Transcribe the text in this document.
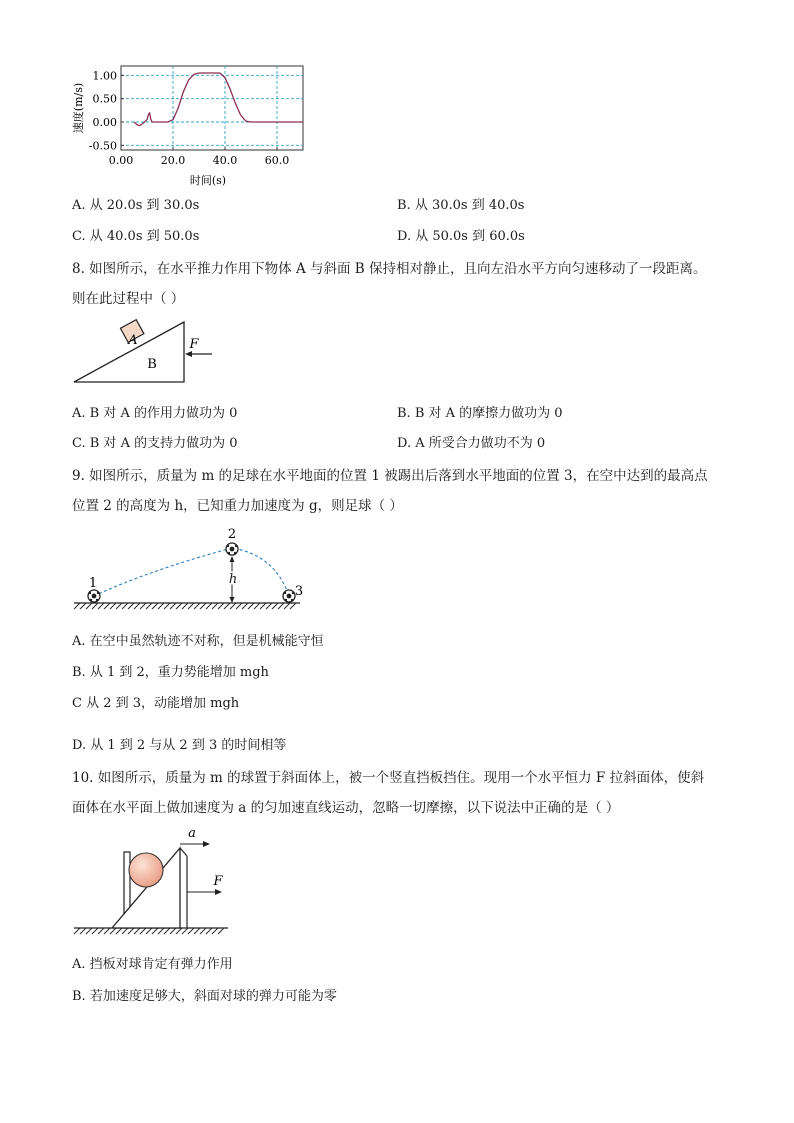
0.00	20.0	40.0	60.0
1.00
0.50
0.00
-0.50
速度(m/s)
时间(s)
A. 从 20.0s 到 30.0s	B. 从 30.0s 到 40.0s
C. 从 40.0s 到 50.0s	D. 从 50.0s 到 60.0s
8. 如图所示，在水平推力作用下物体 A 与斜面 B 保持相对静止，且向左沿水平方向匀速移动了一段距离。
则在此过程中（ ）
A
B
F
A. B 对 A 的作用力做功为 0	B. B 对 A 的摩擦力做功为 0
C. B 对 A 的支持力做功为 0	D. A 所受合力做功不为 0
9. 如图所示，质量为 m 的足球在水平地面的位置 1 被踢出后落到水平地面的位置 3，在空中达到的最高点
位置 2 的高度为 h，已知重力加速度为 g，则足球（ ）
1
2
3
h
A. 在空中虽然轨迹不对称，但是机械能守恒
B. 从 1 到 2，重力势能增加 mgh
C 从 2 到 3，动能增加 mgh
D. 从 1 到 2 与从 2 到 3 的时间相等
10. 如图所示，质量为 m 的球置于斜面体上，被一个竖直挡板挡住。现用一个水平恒力 F 拉斜面体，使斜
面体在水平面上做加速度为 a 的匀加速直线运动，忽略一切摩擦，以下说法中正确的是（ ）
a
F
A. 挡板对球肯定有弹力作用
B. 若加速度足够大，斜面对球的弹力可能为零
